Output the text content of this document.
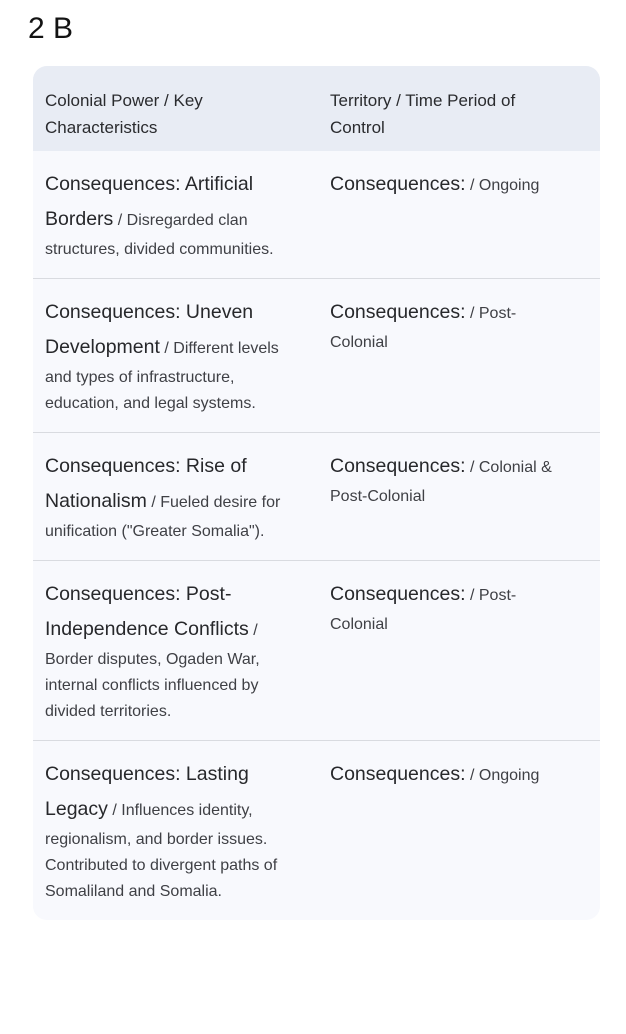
2 B
Colonial Power / Key Characteristics
Territory / Time Period of Control
Consequences: Artificial Borders / Disregarded clan structures, divided communities.
Consequences: / Ongoing
Consequences: Uneven Development / Different levels and types of infrastructure, education, and legal systems.
Consequences: / Post-Colonial
Consequences: Rise of Nationalism / Fueled desire for unification ("Greater Somalia").
Consequences: / Colonial & Post-Colonial
Consequences: Post-Independence Conflicts / Border disputes, Ogaden War, internal conflicts influenced by divided territories.
Consequences: / Post-Colonial
Consequences: Lasting Legacy / Influences identity, regionalism, and border issues. Contributed to divergent paths of Somaliland and Somalia.
Consequences: / Ongoing
